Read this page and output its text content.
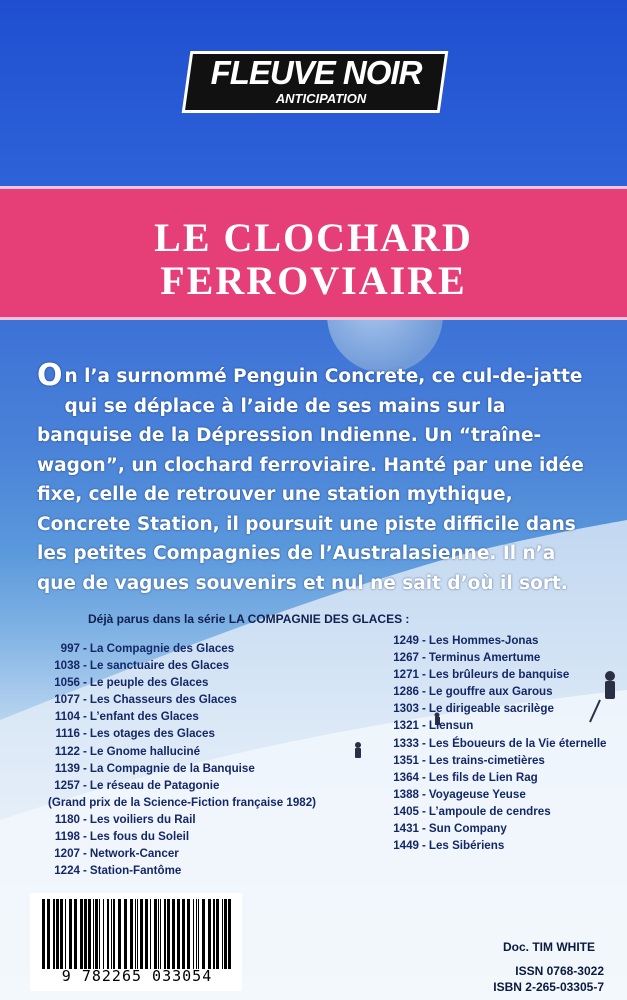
FLEUVE NOIR
ANTICIPATION
LE CLOCHARD
FERROVIAIRE
On l’a surnommé Penguin Concrete, ce cul-de-jatte qui se déplace à l’aide de ses mains sur la banquise de la Dépression Indienne. Un “traîne-wagon”, un clochard ferroviaire. Hanté par une idée fixe, celle de retrouver une station mythique, Concrete Station, il poursuit une piste difficile dans les petites Compagnies de l’Australasienne. Il n’a que de vagues souvenirs et nul ne sait d’où il sort.
Déjà parus dans la série LA COMPAGNIE DES GLACES :
997 - La Compagnie des Glaces
1038 - Le sanctuaire des Glaces
1056 - Le peuple des Glaces
1077 - Les Chasseurs des Glaces
1104 - L’enfant des Glaces
1116 - Les otages des Glaces
1122 - Le Gnome halluciné
1139 - La Compagnie de la Banquise
1257 - Le réseau de Patagonie
(Grand prix de la Science-Fiction française 1982)
1180 - Les voiliers du Rail
1198 - Les fous du Soleil
1207 - Network-Cancer
1224 - Station-Fantôme
1249 - Les Hommes-Jonas
1267 - Terminus Amertume
1271 - Les brûleurs de banquise
1286 - Le gouffre aux Garous
1303 - Le dirigeable sacrilège
1321 - Liensun
1333 - Les Éboueurs de la Vie éternelle
1351 - Les trains-cimetières
1364 - Les fils de Lien Rag
1388 - Voyageuse Yeuse
1405 - L’ampoule de cendres
1431 - Sun Company
1449 - Les Sibériens
9 782265 033054
Doc. TIM WHITE
ISSN 0768-3022
ISBN 2-265-03305-7
